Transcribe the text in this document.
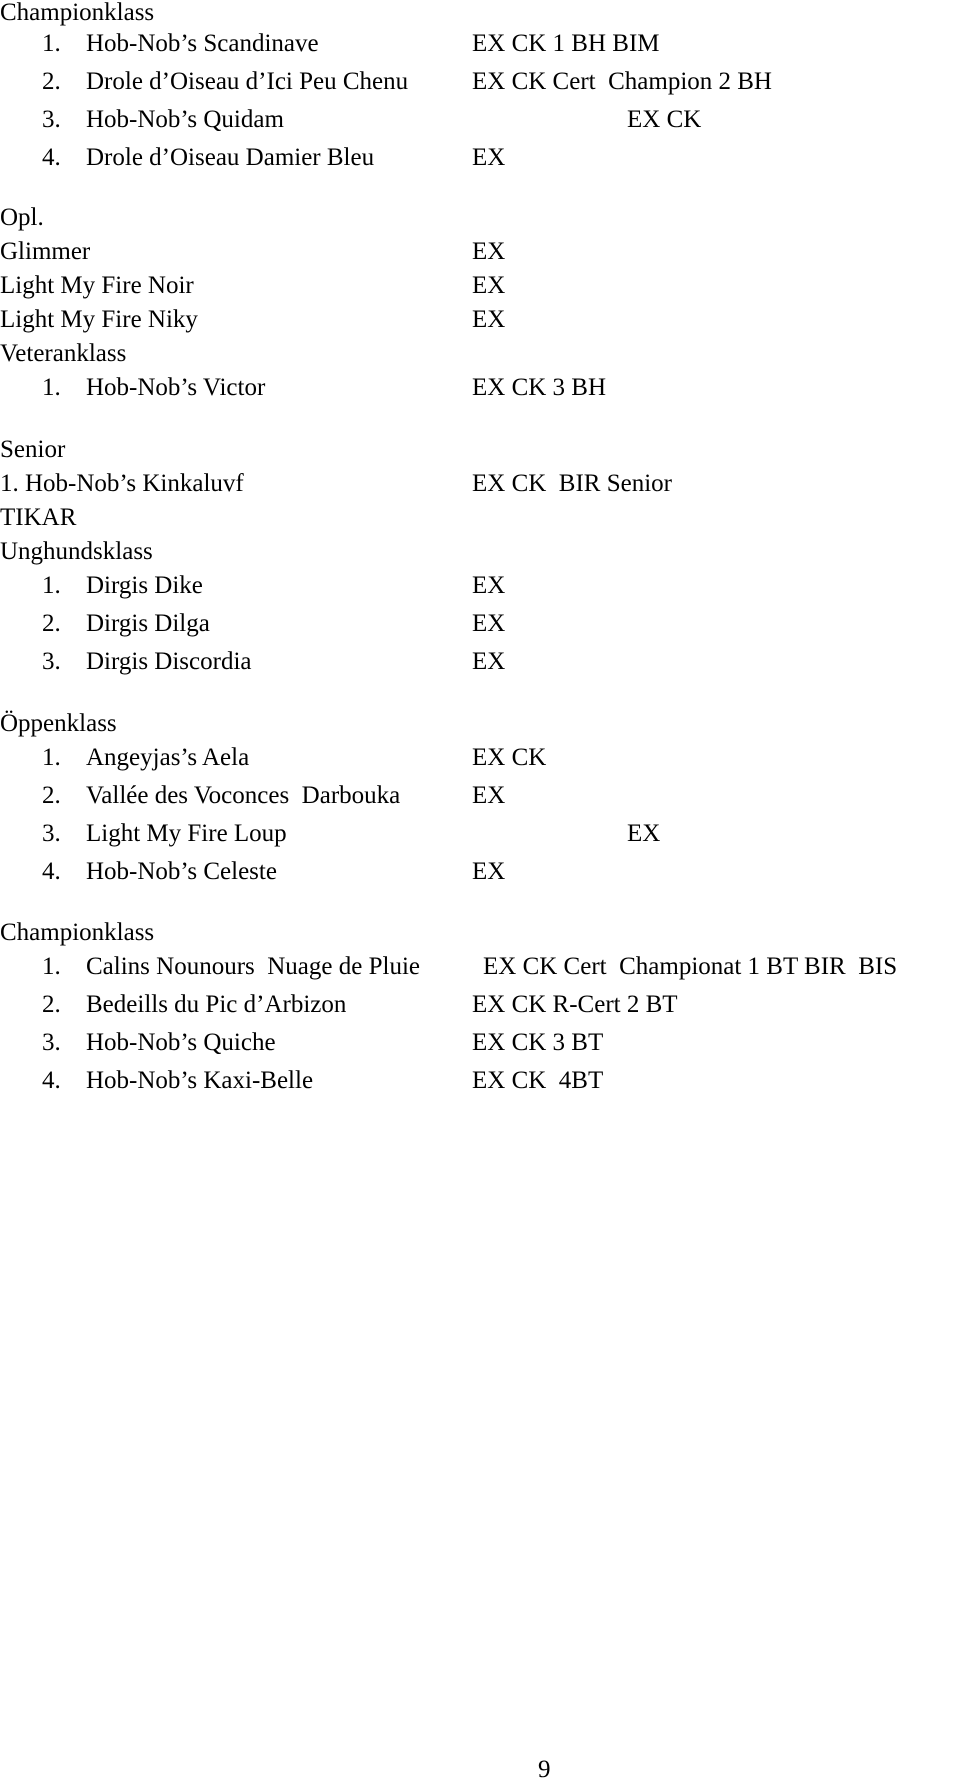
Championklass
1. Hob-Nob’s Scandinave	EX CK 1 BH BIM
2. Drole d’Oiseau d’Ici Peu Chenu	EX CK Cert  Champion 2 BH
3. Hob-Nob’s Quidam	EX CK
4. Drole d’Oiseau Damier Bleu	EX
Opl.
Glimmer	EX
Light My Fire Noir	EX
Light My Fire Niky	EX
Veteranklass
1. Hob-Nob’s Victor	EX CK 3 BH
Senior
1. Hob-Nob’s Kinkaluvf	EX CK  BIR Senior
TIKAR
Unghundsklass
1. Dirgis Dike	EX
2. Dirgis Dilga	EX
3. Dirgis Discordia	EX
Öppenklass
1. Angeyjas’s Aela	EX CK
2. Vallée des Voconces  Darbouka	EX
3. Light My Fire Loup	EX
4. Hob-Nob’s Celeste	EX
Championklass
1. Calins Nounours  Nuage de Pluie	EX CK Cert  Championat 1 BT BIR  BIS
2. Bedeills du Pic d’Arbizon	EX CK R-Cert 2 BT
3. Hob-Nob’s Quiche	EX CK 3 BT
4. Hob-Nob’s Kaxi-Belle	EX CK  4BT
9
